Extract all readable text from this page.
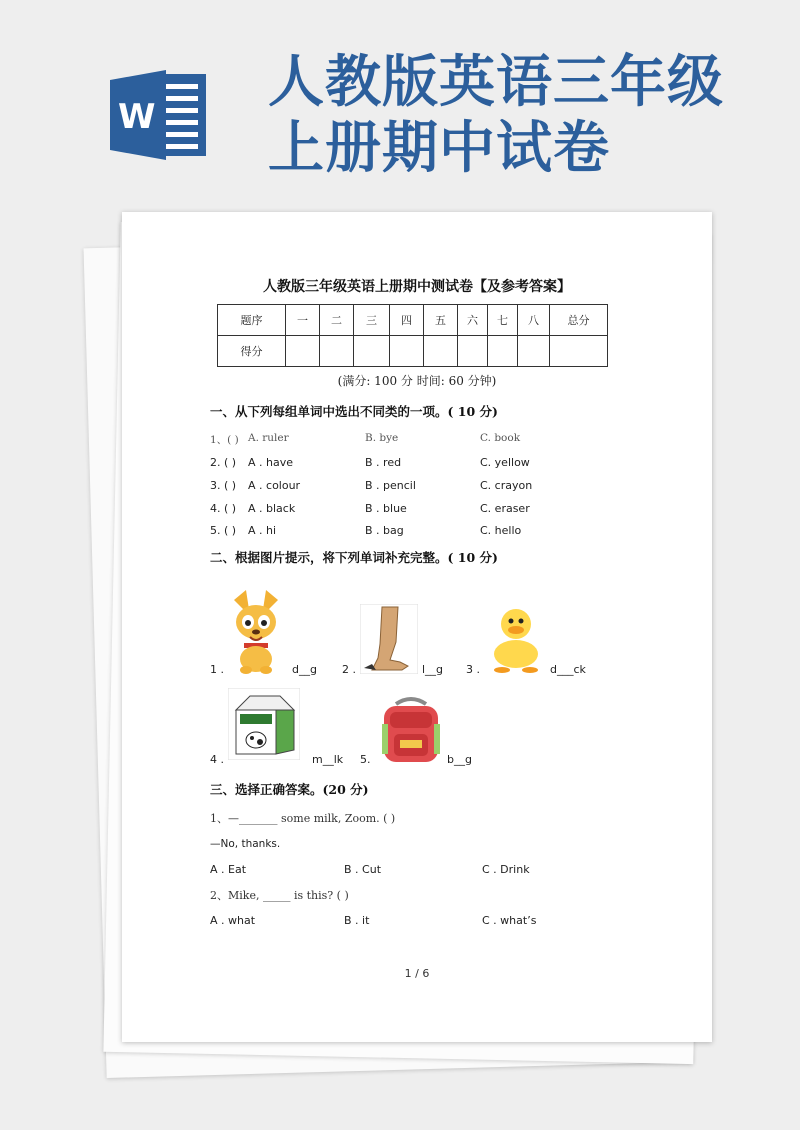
W
人教版英语三年级
上册期中试卷
人教版三年级英语上册期中测试卷【及参考答案】
题序	一	二	三	四	五	六	七	八	总分
得分									
(满分: 100 分 时间: 60 分钟)
一、从下列每组单词中选出不同类的一项。( 10 分)
1、( ) A. ruler	B. bye	C. book
2. ( ) A . have	B . red	C. yellow
3. ( ) A . colour	B . pencil	C. crayon
4. ( ) A . black	B . blue	C. eraser
5. ( ) A . hi	B . bag	C. hello
二、根据图片提示，将下列单词补充完整。( 10 分)
1 .	d__g 2 .	l__g 3 .	d___ck
4 .	m__lk 5.	b__g
三、选择正确答案。(20 分)
1、—_______ some milk, Zoom. ( )
—No, thanks.
A . Eat	B . Cut	C . Drink
2、Mike, _____ is this? ( )
A . what	B . it	C . what’s
1 / 6
